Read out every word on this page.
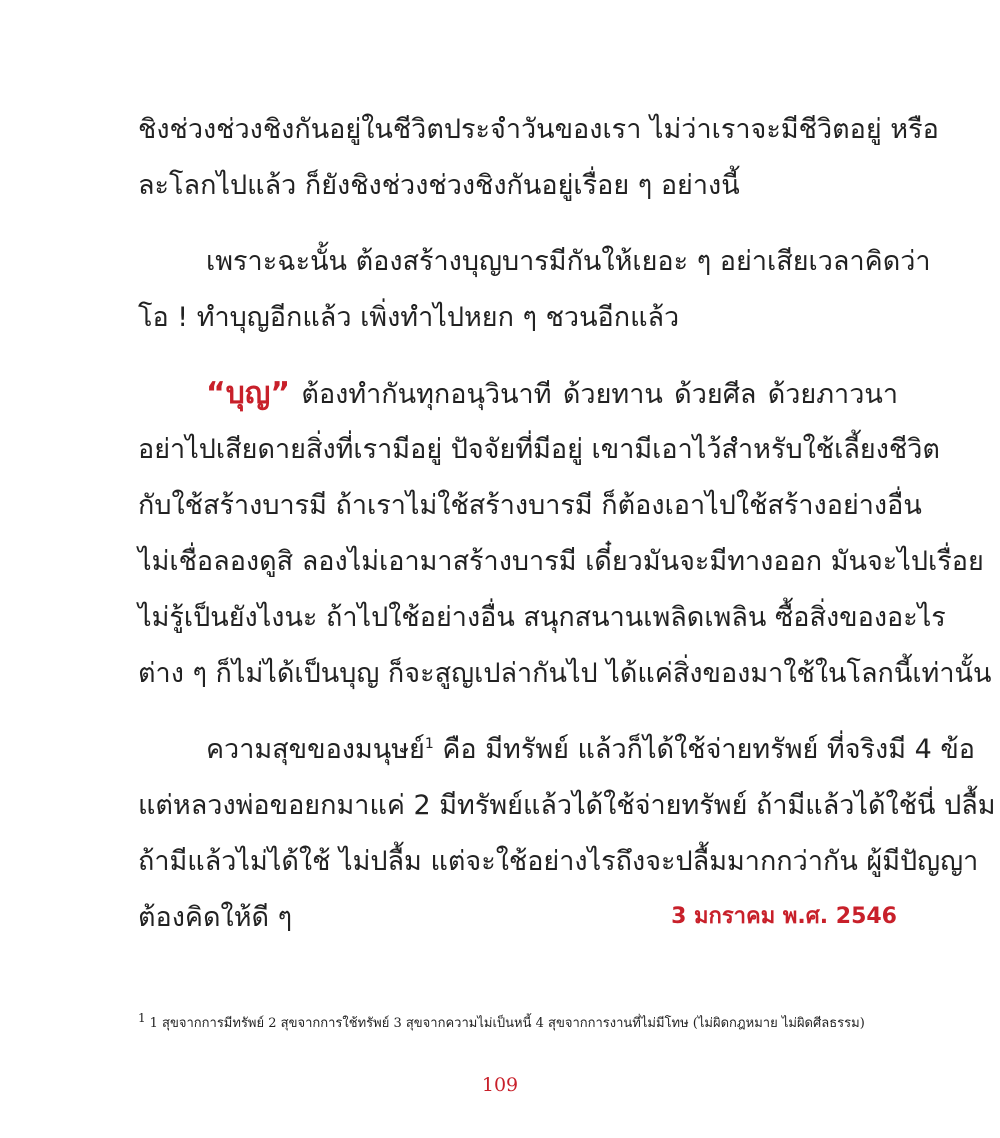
ชิงช่วงช่วงชิงกันอยู่ในชีวิตประจำวันของเรา ไม่ว่าเราจะมีชีวิตอยู่ หรือ
ละโลกไปแล้ว ก็ยังชิงช่วงช่วงชิงกันอยู่เรื่อย ๆ อย่างนี้
เพราะฉะนั้น ต้องสร้างบุญบารมีกันให้เยอะ ๆ อย่าเสียเวลาคิดว่า
โอ ! ทำบุญอีกแล้ว เพิ่งทำไปหยก ๆ ชวนอีกแล้ว
“บุญ” ต้องทำกันทุกอนุวินาที ด้วยทาน ด้วยศีล ด้วยภาวนา
อย่าไปเสียดายสิ่งที่เรามีอยู่ ปัจจัยที่มีอยู่ เขามีเอาไว้สำหรับใช้เลี้ยงชีวิต
กับใช้สร้างบารมี ถ้าเราไม่ใช้สร้างบารมี ก็ต้องเอาไปใช้สร้างอย่างอื่น
ไม่เชื่อลองดูสิ ลองไม่เอามาสร้างบารมี เดี๋ยวมันจะมีทางออก มันจะไปเรื่อย
ไม่รู้เป็นยังไงนะ ถ้าไปใช้อย่างอื่น สนุกสนานเพลิดเพลิน ซื้อสิ่งของอะไร
ต่าง ๆ ก็ไม่ได้เป็นบุญ ก็จะสูญเปล่ากันไป ได้แค่สิ่งของมาใช้ในโลกนี้เท่านั้น
ความสุขของมนุษย์$^1$ คือ มีทรัพย์ แล้วก็ได้ใช้จ่ายทรัพย์ ที่จริงมี 4 ข้อ
แต่หลวงพ่อขอยกมาแค่ 2 มีทรัพย์แล้วได้ใช้จ่ายทรัพย์ ถ้ามีแล้วได้ใช้นี่ ปลื้ม
ถ้ามีแล้วไม่ได้ใช้ ไม่ปลื้ม แต่จะใช้อย่างไรถึงจะปลื้มมากกว่ากัน ผู้มีปัญญา
ต้องคิดให้ดี ๆ	3 มกราคม พ.ศ. 2546
1 1 สุขจากการมีทรัพย์ 2 สุขจากการใช้ทรัพย์ 3 สุขจากความไม่เป็นหนี้ 4 สุขจากการงานที่ไม่มีโทษ (ไม่ผิดกฎหมาย ไม่ผิดศีลธรรม)
109
